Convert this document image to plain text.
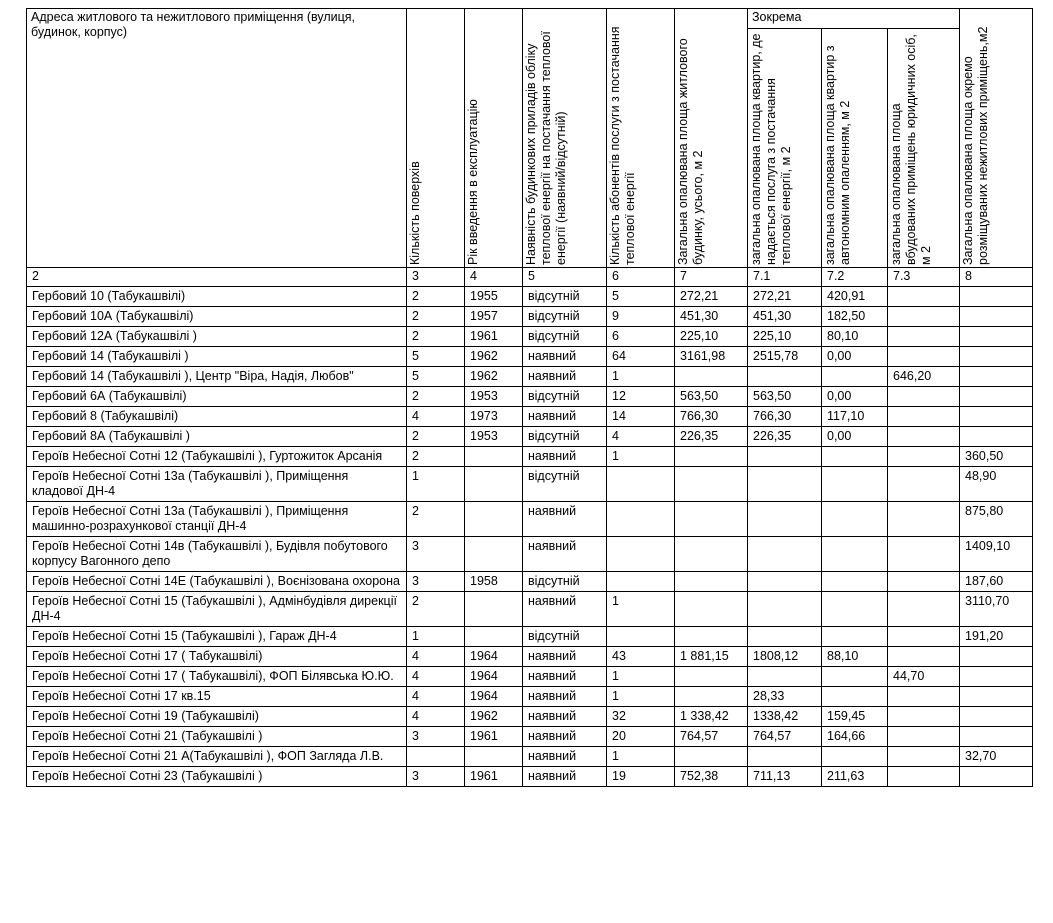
Адреса житлового та нежитлового приміщення (вулиця, будинок, корпус)	Кількість поверхів	Рік введення в експлуатацію	Наявність будинкових приладів обліку теплової енергії на постачання теплової енергії (наявний/відсутній)	Кількість абонентів послуги з постачання теплової енергії	Загальна опалювана площа житлового будинку, усього, м 2	Зокрема			Загальна опалювана площа окремо розміщуваних нежитлових приміщень,м2

						загальна опалювана площа квартир, де надається послуга з постачання теплової енергії, м 2	загальна опалювана площа квартир з автономним опаленням, м 2	загальна опалювана площа вбудованих приміщень юридичних осіб, м 2	

2	3	4	5	6	7	7.1	7.2	7.3	8
Гербовий 10 (Табукашвілі)	2	1955	відсутній	5	272,21	272,21	420,91		
Гербовий 10А (Табукашвілі)	2	1957	відсутній	9	451,30	451,30	182,50		
Гербовий 12А (Табукашвілі )	2	1961	відсутній	6	225,10	225,10	80,10		
Гербовий 14 (Табукашвілі )	5	1962	наявний	64	3161,98	2515,78	0,00		
Гербовий 14 (Табукашвілі ), Центр "Віра, Надія, Любов"	5	1962	наявний	1				646,20	
Гербовий 6А (Табукашвілі)	2	1953	відсутній	12	563,50	563,50	0,00		
Гербовий 8 (Табукашвілі)	4	1973	наявний	14	766,30	766,30	117,10		
Гербовий 8А (Табукашвілі )	2	1953	відсутній	4	226,35	226,35	0,00		
Героїв Небесної Сотні 12 (Табукашвілі ), Гуртожиток Арсанія	2		наявний	1					360,50
Героїв Небесної Сотні 13а (Табукашвілі ), Приміщення кладової ДН-4	1		відсутній						48,90
Героїв Небесної Сотні 13а (Табукашвілі ), Приміщення машинно-розрахункової станції ДН-4	2		наявний						875,80
Героїв Небесної Сотні 14в (Табукашвілі ), Будівля побутового корпусу Вагонного депо	3		наявний						1409,10
Героїв Небесної Сотні 14Е (Табукашвілі ), Воєнізована охорона	3	1958	відсутній						187,60
Героїв Небесної Сотні 15 (Табукашвілі ), Адмінбудівля дирекції ДН-4	2		наявний	1					3110,70
Героїв Небесної Сотні 15 (Табукашвілі ), Гараж ДН-4	1		відсутній						191,20
Героїв Небесної Сотні 17 ( Табукашвілі)	4	1964	наявний	43	1 881,15	1808,12	88,10		
Героїв Небесної Сотні 17 ( Табукашвілі), ФОП Білявська Ю.Ю.	4	1964	наявний	1				44,70	
Героїв Небесної Сотні 17 кв.15	4	1964	наявний	1		28,33			
Героїв Небесної Сотні 19 (Табукашвілі)	4	1962	наявний	32	1 338,42	1338,42	159,45		
Героїв Небесної Сотні 21 (Табукашвілі )	3	1961	наявний	20	764,57	764,57	164,66		
Героїв Небесної Сотні 21 А(Табукашвілі ), ФОП Загляда Л.В.			наявний	1					32,70
Героїв Небесної Сотні 23 (Табукашвілі )	3	1961	наявний	19	752,38	711,13	211,63		
